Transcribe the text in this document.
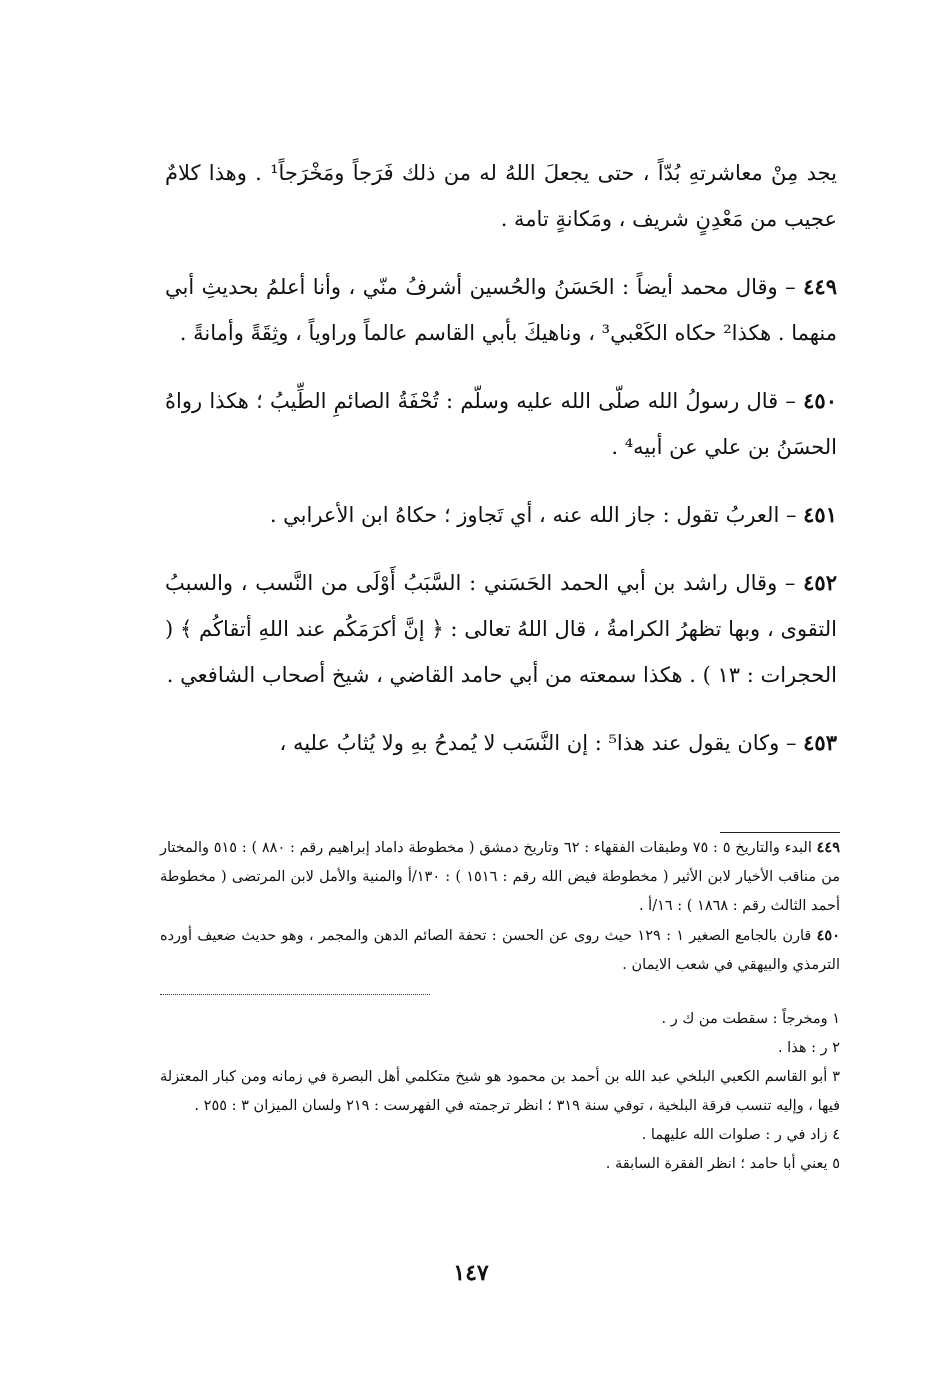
يجد مِنْ معاشرتهِ بُدّاً ، حتى يجعلَ اللهُ له من ذلك فَرَجاً ومَخْرَجاً¹ . وهذا كلامٌ عجيب من مَعْدِنٍ شريف ، ومَكانةٍ تامة .

٤٤٩ – وقال محمد أيضاً : الحَسَنُ والحُسين أشرفُ منّي ، وأنا أعلمُ بحديثِ أبي منهما . هكذا² حكاه الكَعْبي³ ، وناهيكَ بأبي القاسم عالماً وراوياً ، وثِقَةً وأمانةً .

٤٥٠ – قال رسولُ الله صلّى الله عليه وسلّم : تُحْفَةُ الصائمِ الطِّيبُ ؛ هكذا رواهُ الحسَنُ بن علي عن أبيه⁴ .

٤٥١ – العربُ تقول : جاز الله عنه ، أي تَجاوز ؛ حكاهُ ابن الأعرابي .

٤٥٢ – وقال راشد بن أبي الحمد الحَسَني : السَّبَبُ أَوْلَى من النَّسب ، والسببُ التقوى ، وبها تظهرُ الكرامةُ ، قال اللهُ تعالى : ﴿ إنَّ أكرَمَكُم عند اللهِ أتقاكُم ﴾ ( الحجرات : ١٣ ) . هكذا سمعته من أبي حامد القاضي ، شيخ أصحاب الشافعي .

٤٥٣ – وكان يقول عند هذا⁵ : إن النَّسَب لا يُمدحُ بهِ ولا يُثابُ عليه ،

٤٤٩ البدء والتاريخ ٥ : ٧٥ وطبقات الفقهاء : ٦٢ وتاريخ دمشق ( مخطوطة داماد إبراهيم رقم : ٨٨٠ ) : ٥١٥ والمختار من مناقب الأخيار لابن الأثير ( مخطوطة فيض الله رقم : ١٥١٦ ) : ١٣٠/أ والمنية والأمل لابن المرتضى ( مخطوطة أحمد الثالث رقم : ١٨٦٨ ) : ١٦/أ .

٤٥٠ قارن بالجامع الصغير ١ : ١٢٩ حيث روى عن الحسن : تحفة الصائم الدهن والمجمر ، وهو حديث ضعيف أورده الترمذي والبيهقي في شعب الايمان .

١ ومخرجاً : سقطت من ك ر .

٢ ر : هذا .

٣ أبو القاسم الكعبي البلخي عبد الله بن أحمد بن محمود هو شيخ متكلمي أهل البصرة في زمانه ومن كبار المعتزلة فيها ، وإليه تنسب فرقة البلخية ، توفي سنة ٣١٩ ؛ انظر ترجمته في الفهرست : ٢١٩ ولسان الميزان ٣ : ٢٥٥ .

٤ زاد في ر : صلوات الله عليهما .

٥ يعني أبا حامد ؛ انظر الفقرة السابقة .

١٤٧
